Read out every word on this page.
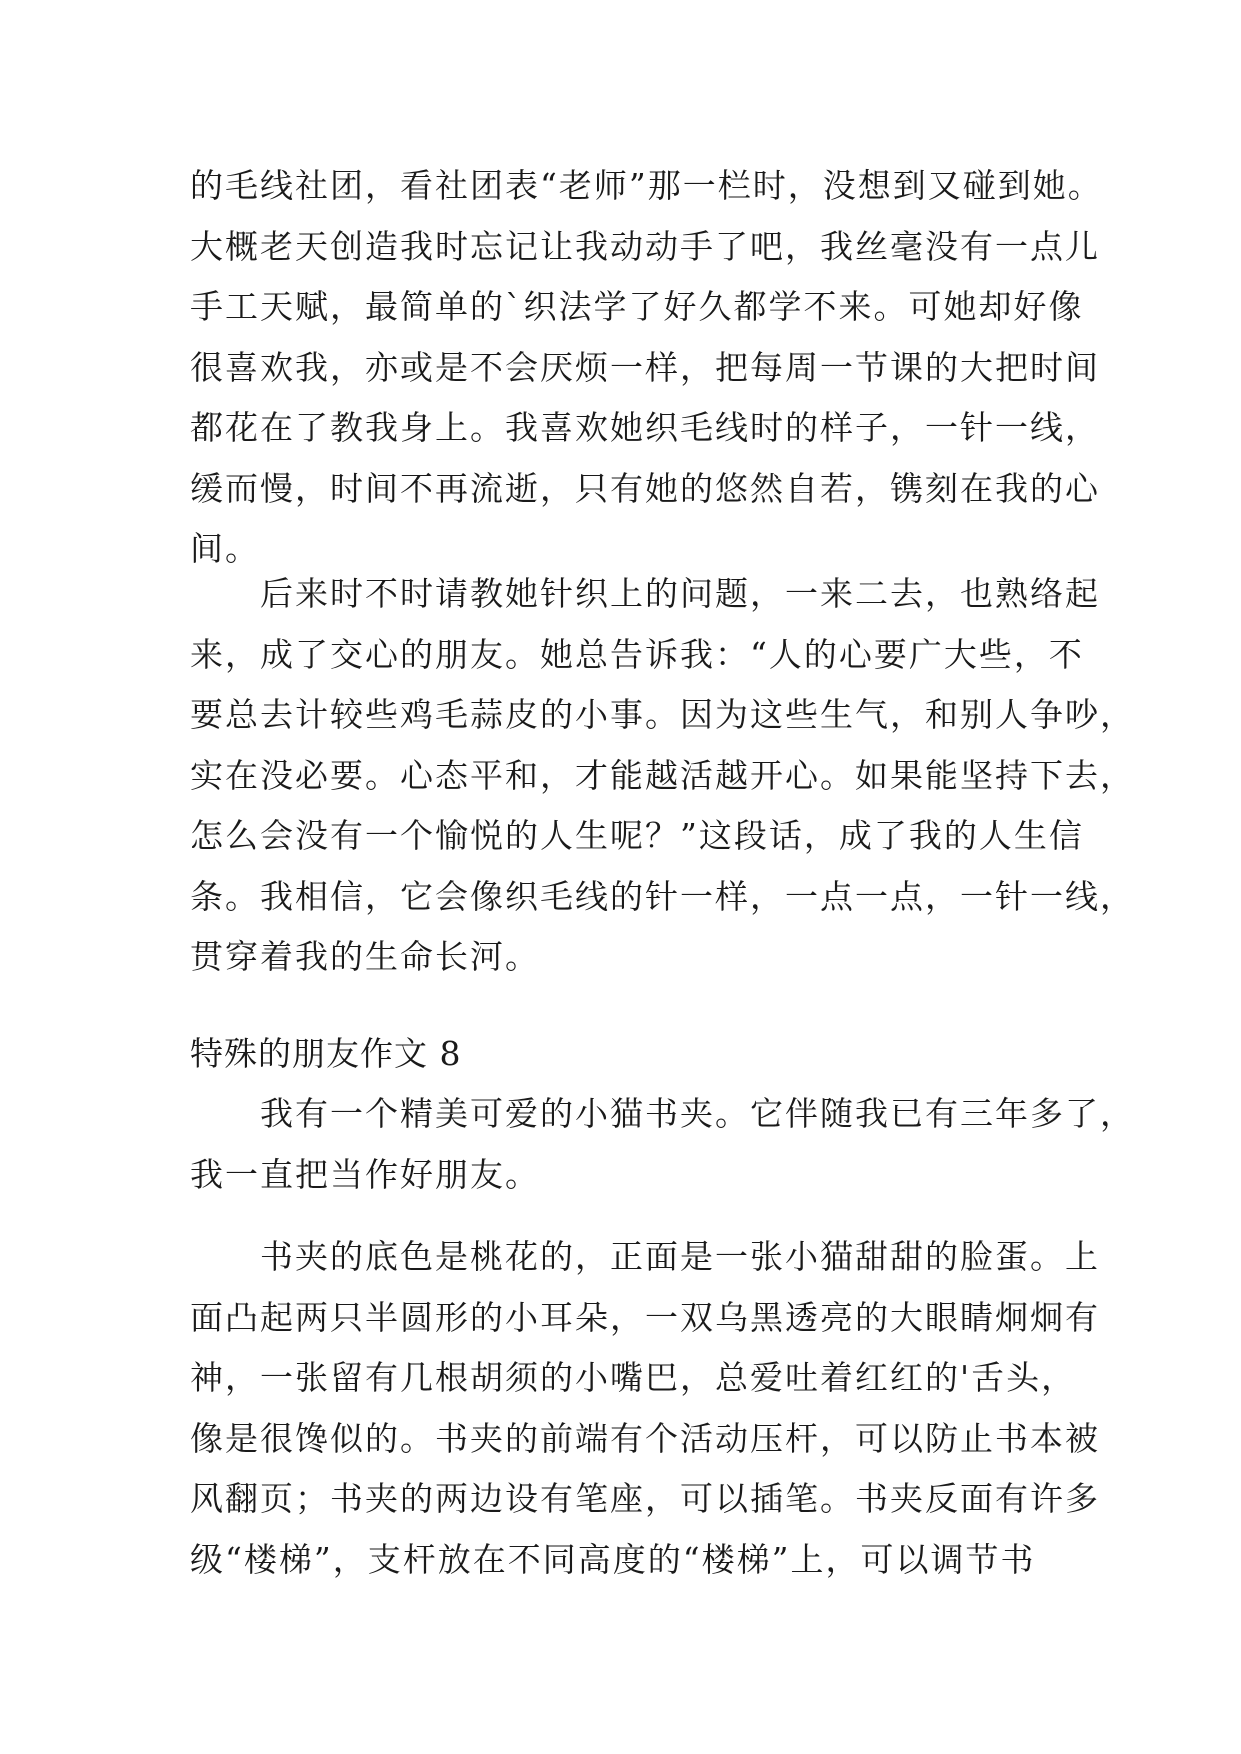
的毛线社团，看社团表“老师”那一栏时，没想到又碰到她。
大概老天创造我时忘记让我动动手了吧，我丝毫没有一点儿
手工天赋，最简单的`织法学了好久都学不来。可她却好像
很喜欢我，亦或是不会厌烦一样，把每周一节课的大把时间
都花在了教我身上。我喜欢她织毛线时的样子，一针一线，
缓而慢，时间不再流逝，只有她的悠然自若，镌刻在我的心
间。
　　后来时不时请教她针织上的问题，一来二去，也熟络起
来，成了交心的朋友。她总告诉我：“人的心要广大些，不
要总去计较些鸡毛蒜皮的小事。因为这些生气，和别人争吵，
实在没必要。心态平和，才能越活越开心。如果能坚持下去，
怎么会没有一个愉悦的人生呢？”这段话，成了我的人生信
条。我相信，它会像织毛线的针一样，一点一点，一针一线，
贯穿着我的生命长河。
特殊的朋友作文 8
　　我有一个精美可爱的小猫书夹。它伴随我已有三年多了，
我一直把当作好朋友。
　　书夹的底色是桃花的，正面是一张小猫甜甜的脸蛋。上
面凸起两只半圆形的小耳朵，一双乌黑透亮的大眼睛炯炯有
神，一张留有几根胡须的小嘴巴，总爱吐着红红的'舌头，
像是很馋似的。书夹的前端有个活动压杆，可以防止书本被
风翻页；书夹的两边设有笔座，可以插笔。书夹反面有许多
级“楼梯”，支杆放在不同高度的“楼梯”上，可以调节书
